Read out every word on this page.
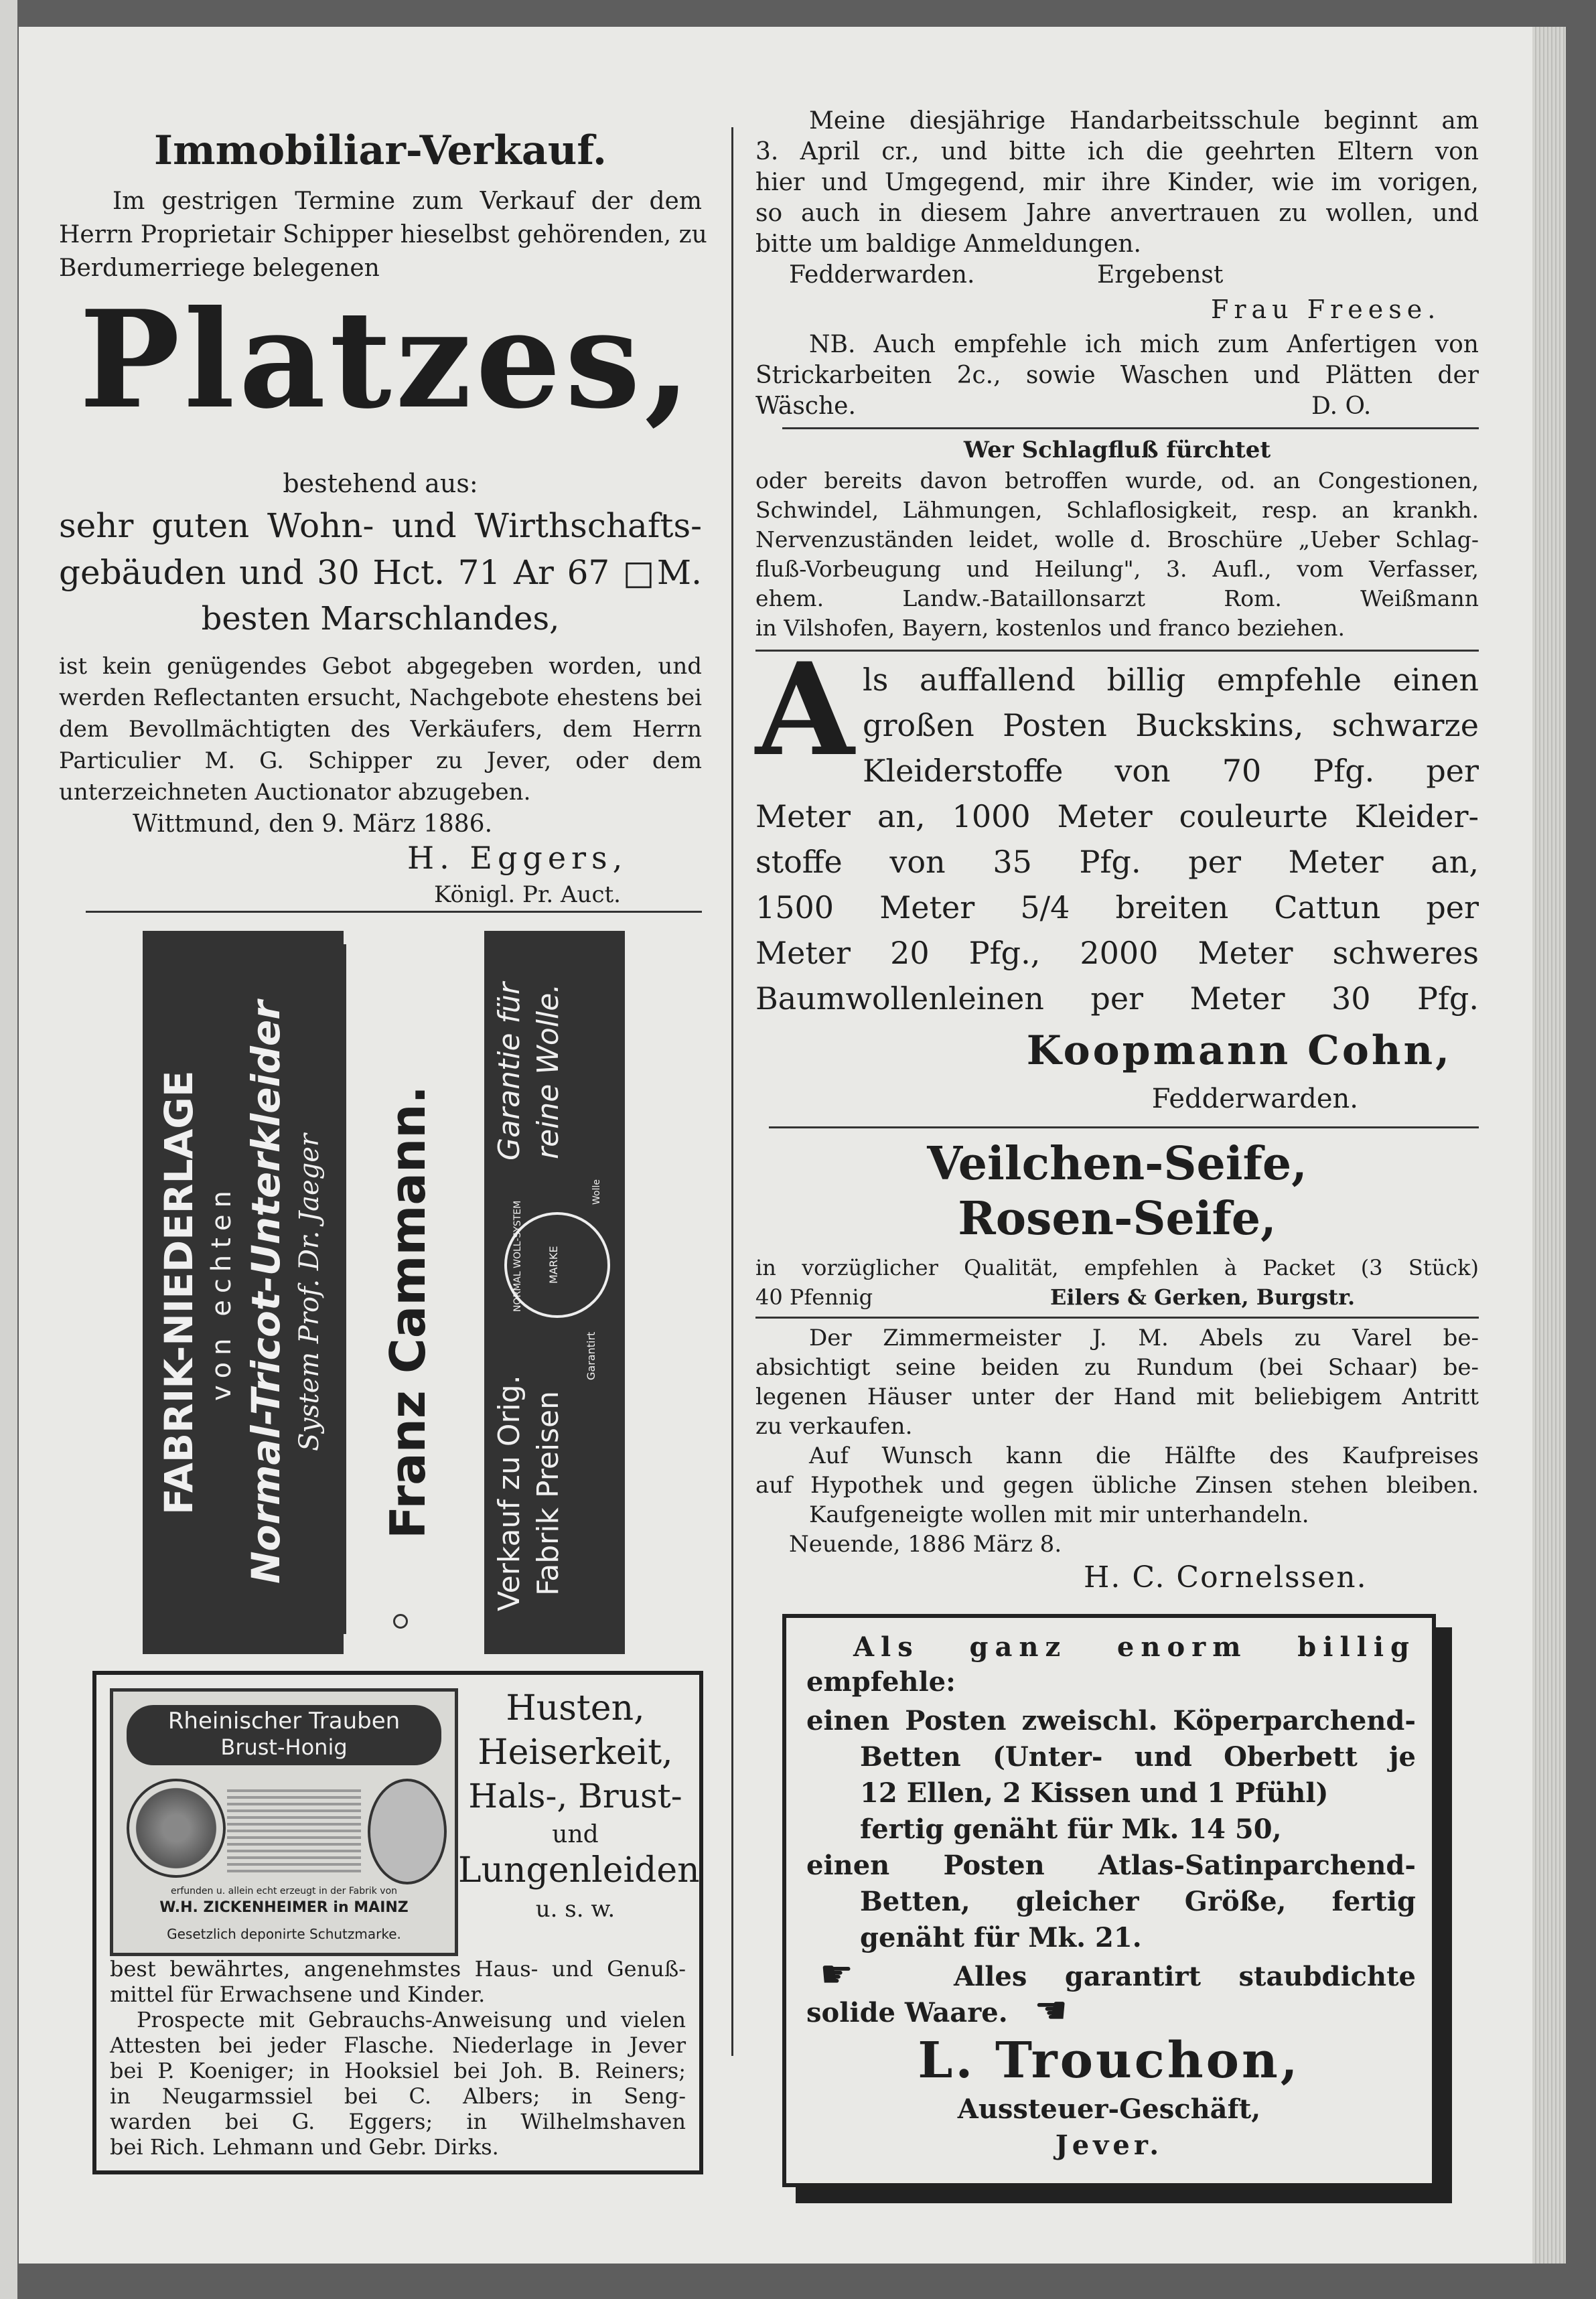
Immobiliar-Verkauf.
Im gestrigen Termine zum Verkauf der dem
Herrn Proprietair Schipper hieselbst gehörenden, zu
Berdumerriege belegenen
Platzes,
bestehend aus:
sehr guten Wohn- und Wirthschafts-
gebäuden und 30 Hct. 71 Ar 67 □M.
besten Marschlandes,
ist kein genügendes Gebot abgegeben worden, und
werden Reflectanten ersucht, Nachgebote ehestens bei
dem Bevollmächtigten des Verkäufers, dem Herrn
Particulier M. G. Schipper zu Jever, oder dem
unterzeichneten Auctionator abzugeben.
Wittmund, den 9. März 1886.
H. Eggers,
Königl. Pr. Auct.
FABRIK-NIEDERLAGE von echten Normal-Tricot-Unterkleider System Prof. Dr. Jaeger Franz Cammann. Verkauf zu Orig. Fabrik Preisen
Garantie für reine Wolle.
NORMAL WOLL-SYSTEM MARKE
Garantirt
Wolle
Rheinischer Trauben
Brust-Honig
erfunden u. allein echt erzeugt in der Fabrik von
W.H. ZICKENHEIMER in MAINZ
Gesetzlich deponirte Schutzmarke.
Husten,
Heiserkeit,
Hals-, Brust-
und
Lungenleiden
u. s. w.
best bewährtes, angenehmstes Haus- und Genuß-
mittel für Erwachsene und Kinder.
Prospecte mit Gebrauchs-Anweisung und vielen
Attesten bei jeder Flasche. Niederlage in Jever
bei P. Koeniger; in Hooksiel bei Joh. B. Reiners;
in Neugarmssiel bei C. Albers; in Seng-
warden bei G. Eggers; in Wilhelmshaven
bei Rich. Lehmann und Gebr. Dirks.
Meine diesjährige Handarbeitsschule beginnt am
3. April cr., und bitte ich die geehrten Eltern von
hier und Umgegend, mir ihre Kinder, wie im vorigen,
so auch in diesem Jahre anvertrauen zu wollen, und
bitte um baldige Anmeldungen.
Fedderwarden.	Ergebenst
Frau Freese.
NB. Auch empfehle ich mich zum Anfertigen von
Strickarbeiten 2c., sowie Waschen und Plätten der
Wäsche.	D. O.
Wer Schlagfluß fürchtet
oder bereits davon betroffen wurde, od. an Congestionen,
Schwindel, Lähmungen, Schlaflosigkeit, resp. an krankh.
Nervenzuständen leidet, wolle d. Broschüre „Ueber Schlag-
fluß-Vorbeugung und Heilung", 3. Aufl., vom Verfasser,
ehem. Landw.-Bataillonsarzt Rom. Weißmann
in Vilshofen, Bayern, kostenlos und franco beziehen.
A ls auffallend billig empfehle einen
großen Posten Buckskins, schwarze
Kleiderstoffe von 70 Pfg. per
Meter an, 1000 Meter couleurte Kleider-
stoffe von 35 Pfg. per Meter an,
1500 Meter 5/4 breiten Cattun per
Meter 20 Pfg., 2000 Meter schweres
Baumwollenleinen per Meter 30 Pfg.
Koopmann Cohn,
Fedderwarden.
Veilchen-Seife,
Rosen-Seife,
in vorzüglicher Qualität, empfehlen à Packet (3 Stück)
40 Pfennig	Eilers & Gerken, Burgstr.
Der Zimmermeister J. M. Abels zu Varel be-
absichtigt seine beiden zu Rundum (bei Schaar) be-
legenen Häuser unter der Hand mit beliebigem Antritt
zu verkaufen.
Auf Wunsch kann die Hälfte des Kaufpreises
auf Hypothek und gegen übliche Zinsen stehen bleiben.
Kaufgeneigte wollen mit mir unterhandeln.
Neuende, 1886 März 8.
H. C. Cornelssen.
Als ganz enorm billig
empfehle:
einen Posten zweischl. Köperparchend-
Betten (Unter- und Oberbett je
12 Ellen, 2 Kissen und 1 Pfühl)
fertig genäht für Mk. 14 50,
einen Posten Atlas-Satinparchend-
Betten, gleicher Größe, fertig
genäht für Mk. 21.
☛	Alles garantirt staubdichte
solide Waare. ☛
L. Trouchon,
Aussteuer-Geschäft,
Jever.
